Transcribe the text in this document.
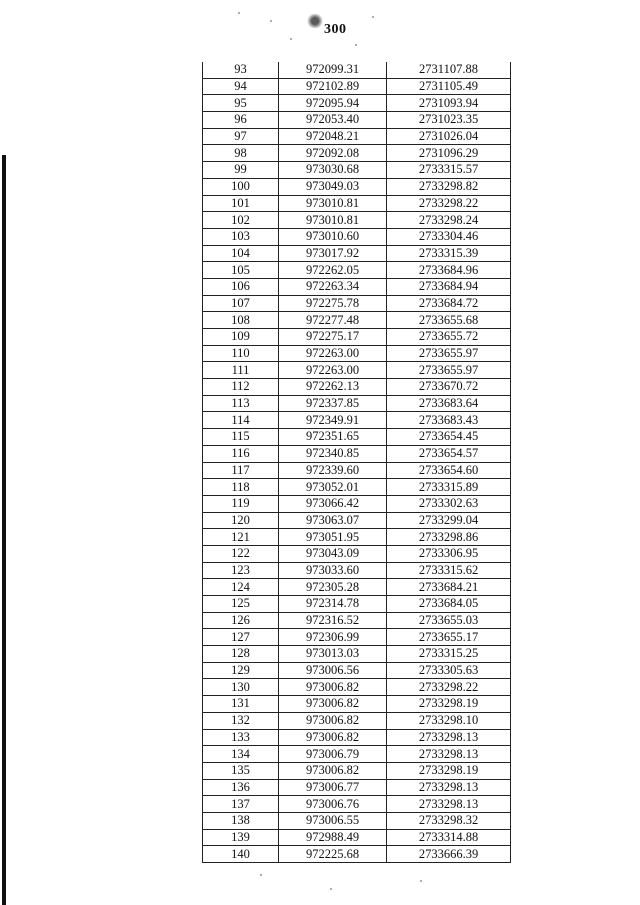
300
93	972099.31	2731107.88
94	972102.89	2731105.49
95	972095.94	2731093.94
96	972053.40	2731023.35
97	972048.21	2731026.04
98	972092.08	2731096.29
99	973030.68	2733315.57
100	973049.03	2733298.82
101	973010.81	2733298.22
102	973010.81	2733298.24
103	973010.60	2733304.46
104	973017.92	2733315.39
105	972262.05	2733684.96
106	972263.34	2733684.94
107	972275.78	2733684.72
108	972277.48	2733655.68
109	972275.17	2733655.72
110	972263.00	2733655.97
111	972263.00	2733655.97
112	972262.13	2733670.72
113	972337.85	2733683.64
114	972349.91	2733683.43
115	972351.65	2733654.45
116	972340.85	2733654.57
117	972339.60	2733654.60
118	973052.01	2733315.89
119	973066.42	2733302.63
120	973063.07	2733299.04
121	973051.95	2733298.86
122	973043.09	2733306.95
123	973033.60	2733315.62
124	972305.28	2733684.21
125	972314.78	2733684.05
126	972316.52	2733655.03
127	972306.99	2733655.17
128	973013.03	2733315.25
129	973006.56	2733305.63
130	973006.82	2733298.22
131	973006.82	2733298.19
132	973006.82	2733298.10
133	973006.82	2733298.13
134	973006.79	2733298.13
135	973006.82	2733298.19
136	973006.77	2733298.13
137	973006.76	2733298.13
138	973006.55	2733298.32
139	972988.49	2733314.88
140	972225.68	2733666.39
